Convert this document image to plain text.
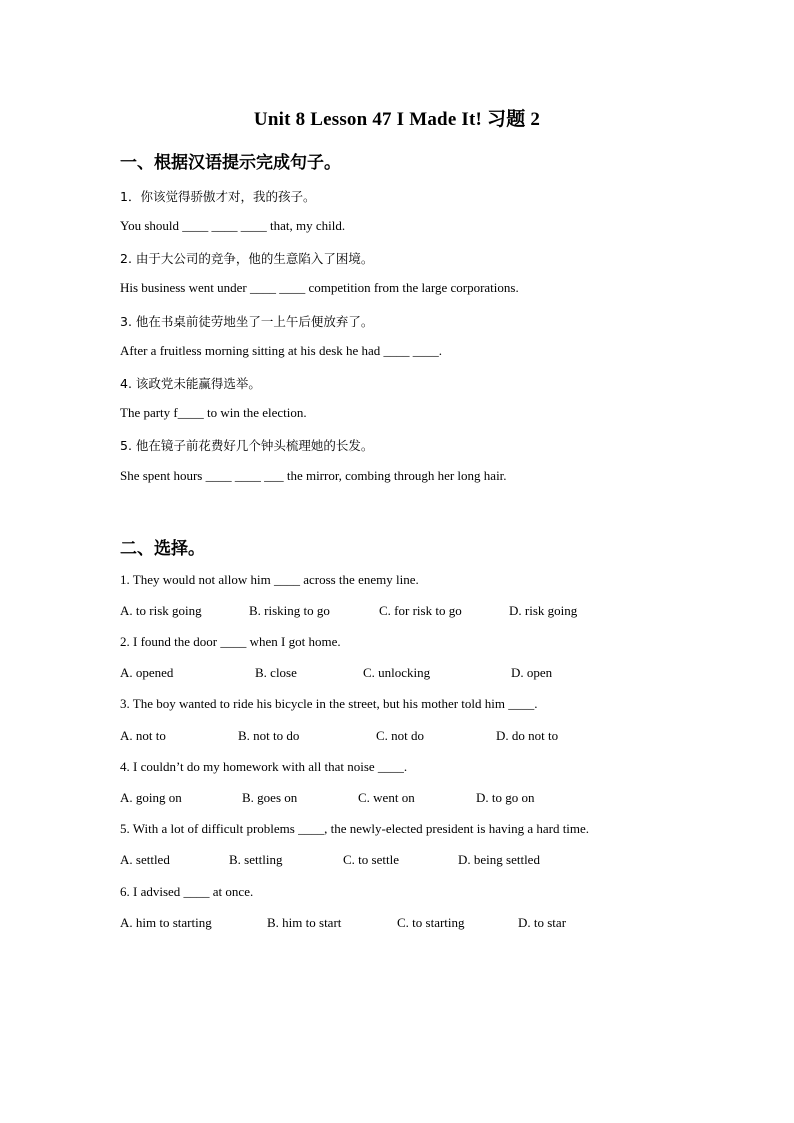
Unit 8 Lesson 47 I Made It! 习题 2
一、根据汉语提示完成句子。
1．你该觉得骄傲才对，我的孩子。
You should ____ ____ ____ that, my child.
2. 由于大公司的竞争，他的生意陷入了困境。
His business went under ____ ____ competition from the large corporations.
3. 他在书桌前徒劳地坐了一上午后便放弃了。
After a fruitless morning sitting at his desk he had ____ ____.
4. 该政党未能赢得选举。
The party f____ to win the election.
5. 他在镜子前花费好几个钟头梳理她的长发。
She spent hours ____ ____ ___ the mirror, combing through her long hair.
二、选择。
1. They would not allow him ____ across the enemy line.
A. to risk going	B. risking to go	C. for risk to go	D. risk going
2. I found the door ____ when I got home.
A. opened	B. close	C. unlocking	D. open
3. The boy wanted to ride his bicycle in the street, but his mother told him ____.
A. not to	B. not to do	C. not do	D. do not to
4. I couldn’t do my homework with all that noise ____.
A. going on	B. goes on	C. went on	D. to go on
5. With a lot of difficult problems ____, the newly-elected president is having a hard time.
A. settled	B. settling	C. to settle	D. being settled
6. I advised ____ at once.
A. him to starting	B. him to start	C. to starting	D. to star
